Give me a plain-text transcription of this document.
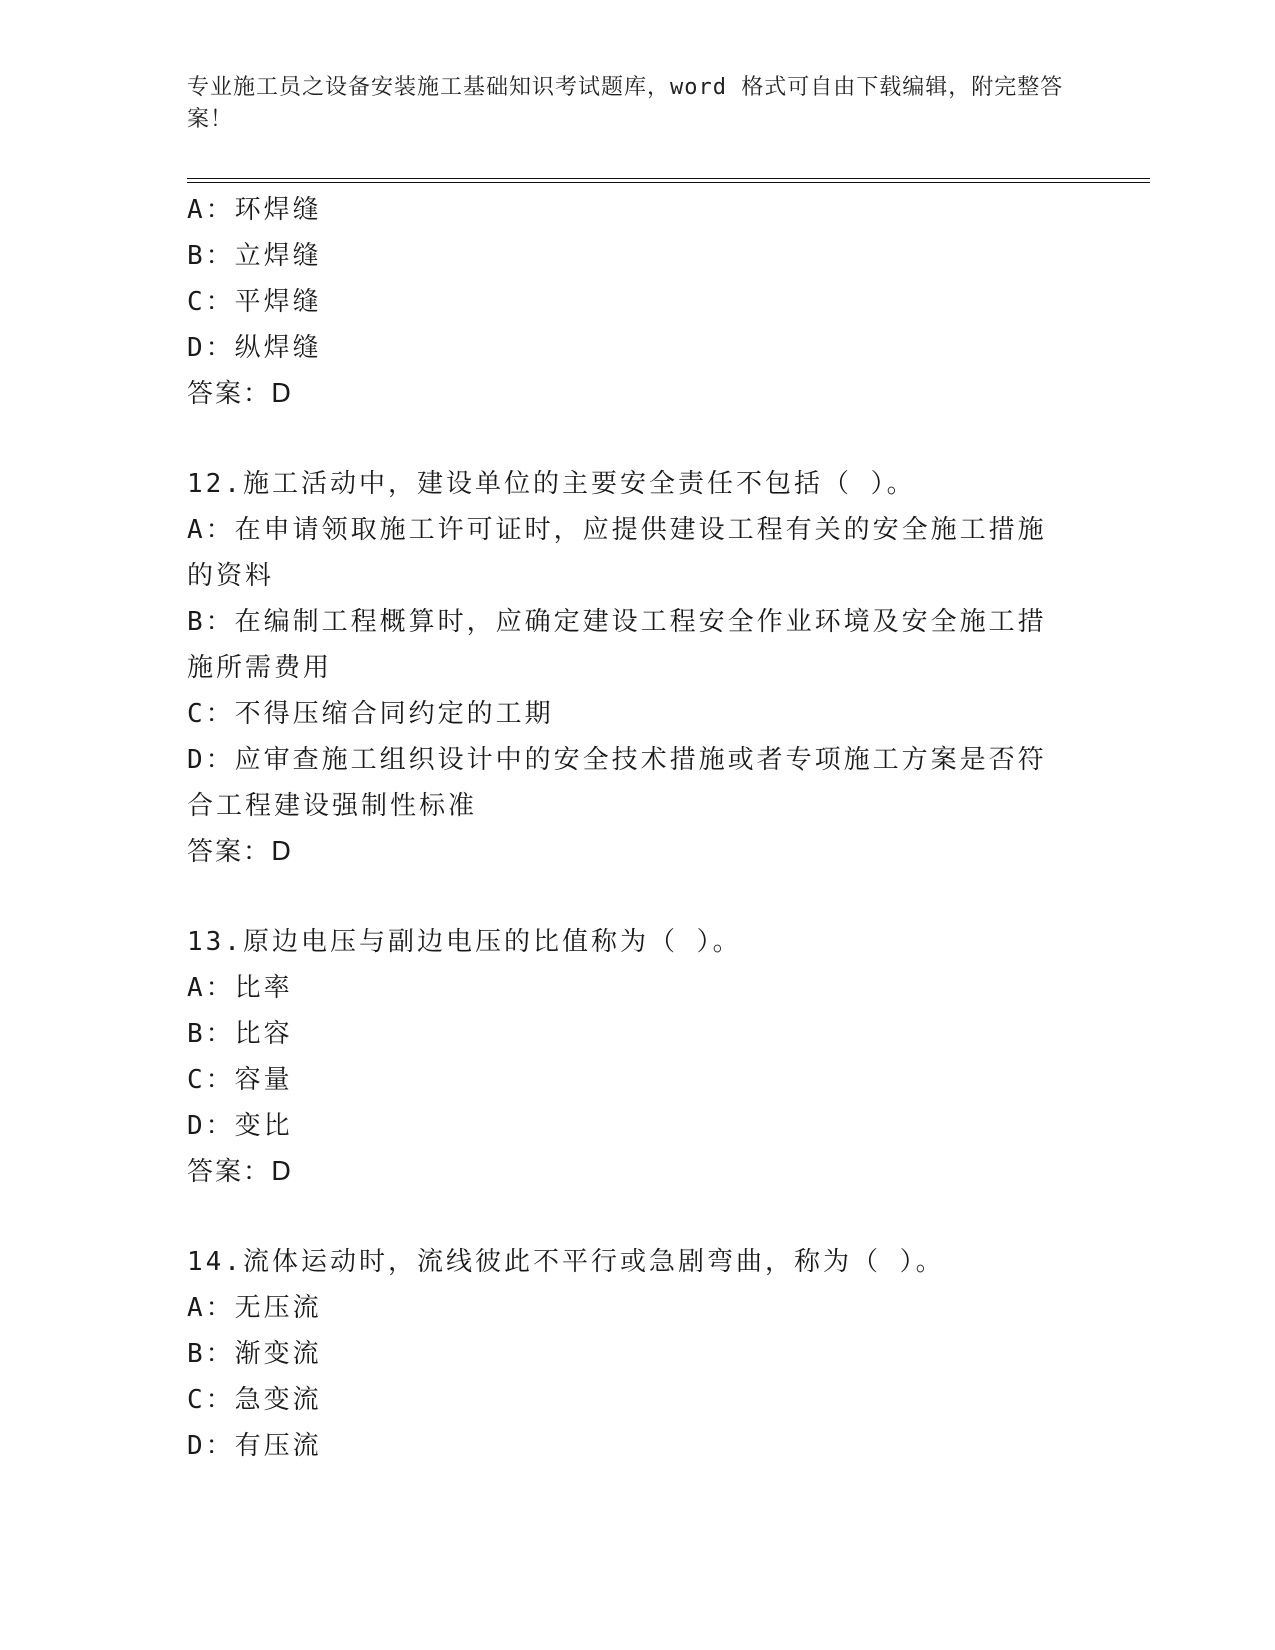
专业施工员之设备安装施工基础知识考试题库，word 格式可自由下载编辑，附完整答案！
A：环焊缝
B：立焊缝
C：平焊缝
D：纵焊缝
答案：D
12.施工活动中，建设单位的主要安全责任不包括（ ）。
A：在申请领取施工许可证时，应提供建设工程有关的安全施工措施的资料
B：在编制工程概算时，应确定建设工程安全作业环境及安全施工措施所需费用
C：不得压缩合同约定的工期
D：应审查施工组织设计中的安全技术措施或者专项施工方案是否符合工程建设强制性标准
答案：D
13.原边电压与副边电压的比值称为（ ）。
A：比率
B：比容
C：容量
D：变比
答案：D
14.流体运动时，流线彼此不平行或急剧弯曲，称为（ ）。
A：无压流
B：渐变流
C：急变流
D：有压流
